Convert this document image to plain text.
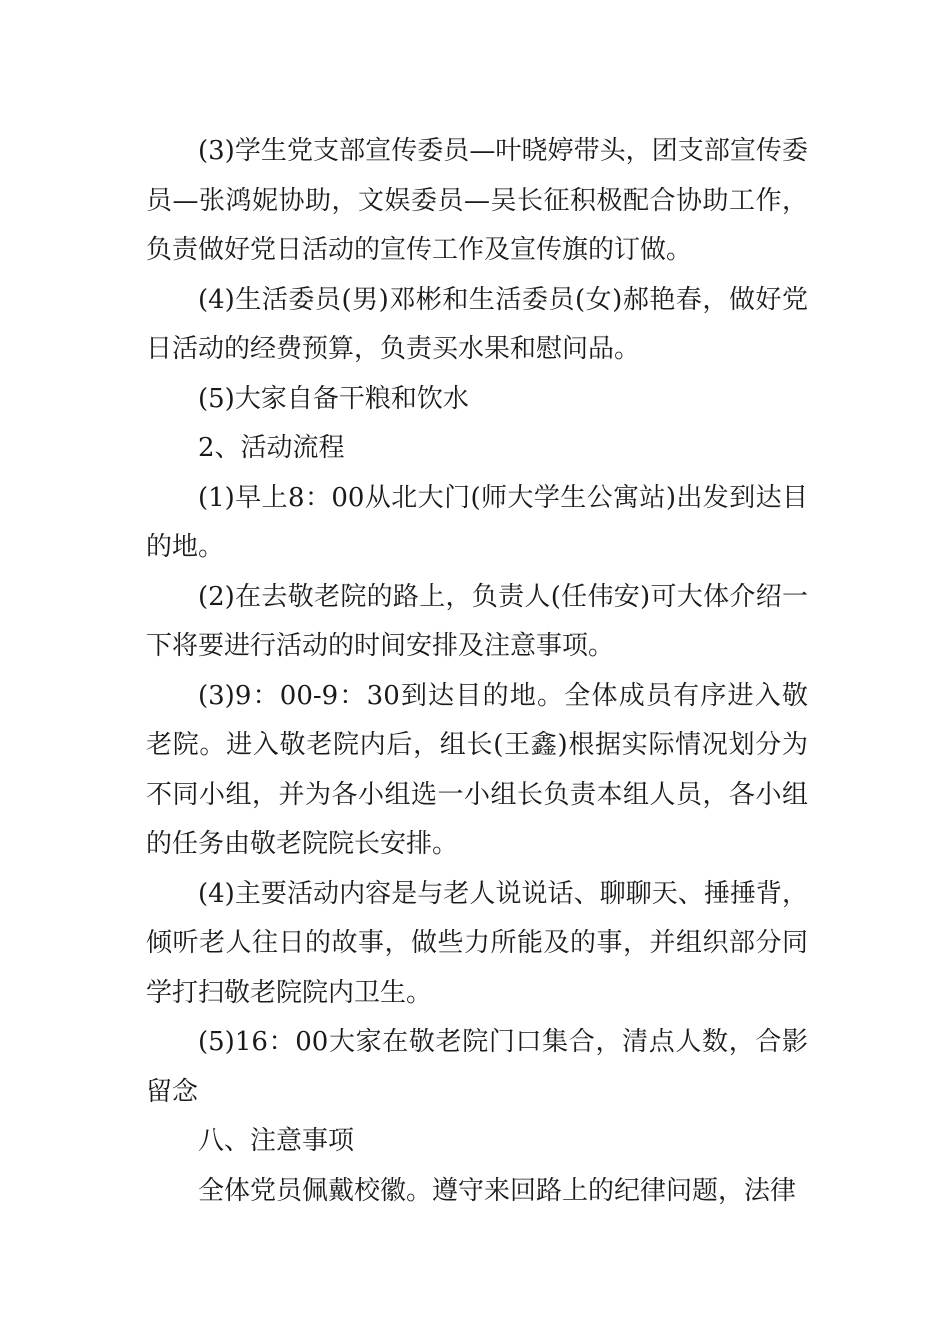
(3)学生党支部宣传委员—叶晓婷带头，团支部宣传委员—张鸿妮协助，文娱委员—吴长征积极配合协助工作，负责做好党日活动的宣传工作及宣传旗的订做。

(4)生活委员(男)邓彬和生活委员(女)郝艳春，做好党日活动的经费预算，负责买水果和慰问品。

(5)大家自备干粮和饮水

2、活动流程

(1)早上8：00从北大门(师大学生公寓站)出发到达目的地。

(2)在去敬老院的路上，负责人(任伟安)可大体介绍一下将要进行活动的时间安排及注意事项。

(3)9：00-9：30到达目的地。全体成员有序进入敬老院。进入敬老院内后，组长(王鑫)根据实际情况划分为不同小组，并为各小组选一小组长负责本组人员，各小组的任务由敬老院院长安排。

(4)主要活动内容是与老人说说话、聊聊天、捶捶背，倾听老人往日的故事，做些力所能及的事，并组织部分同学打扫敬老院院内卫生。

(5)16：00大家在敬老院门口集合，清点人数，合影留念

八、注意事项

全体党员佩戴校徽。遵守来回路上的纪律问题，法律
